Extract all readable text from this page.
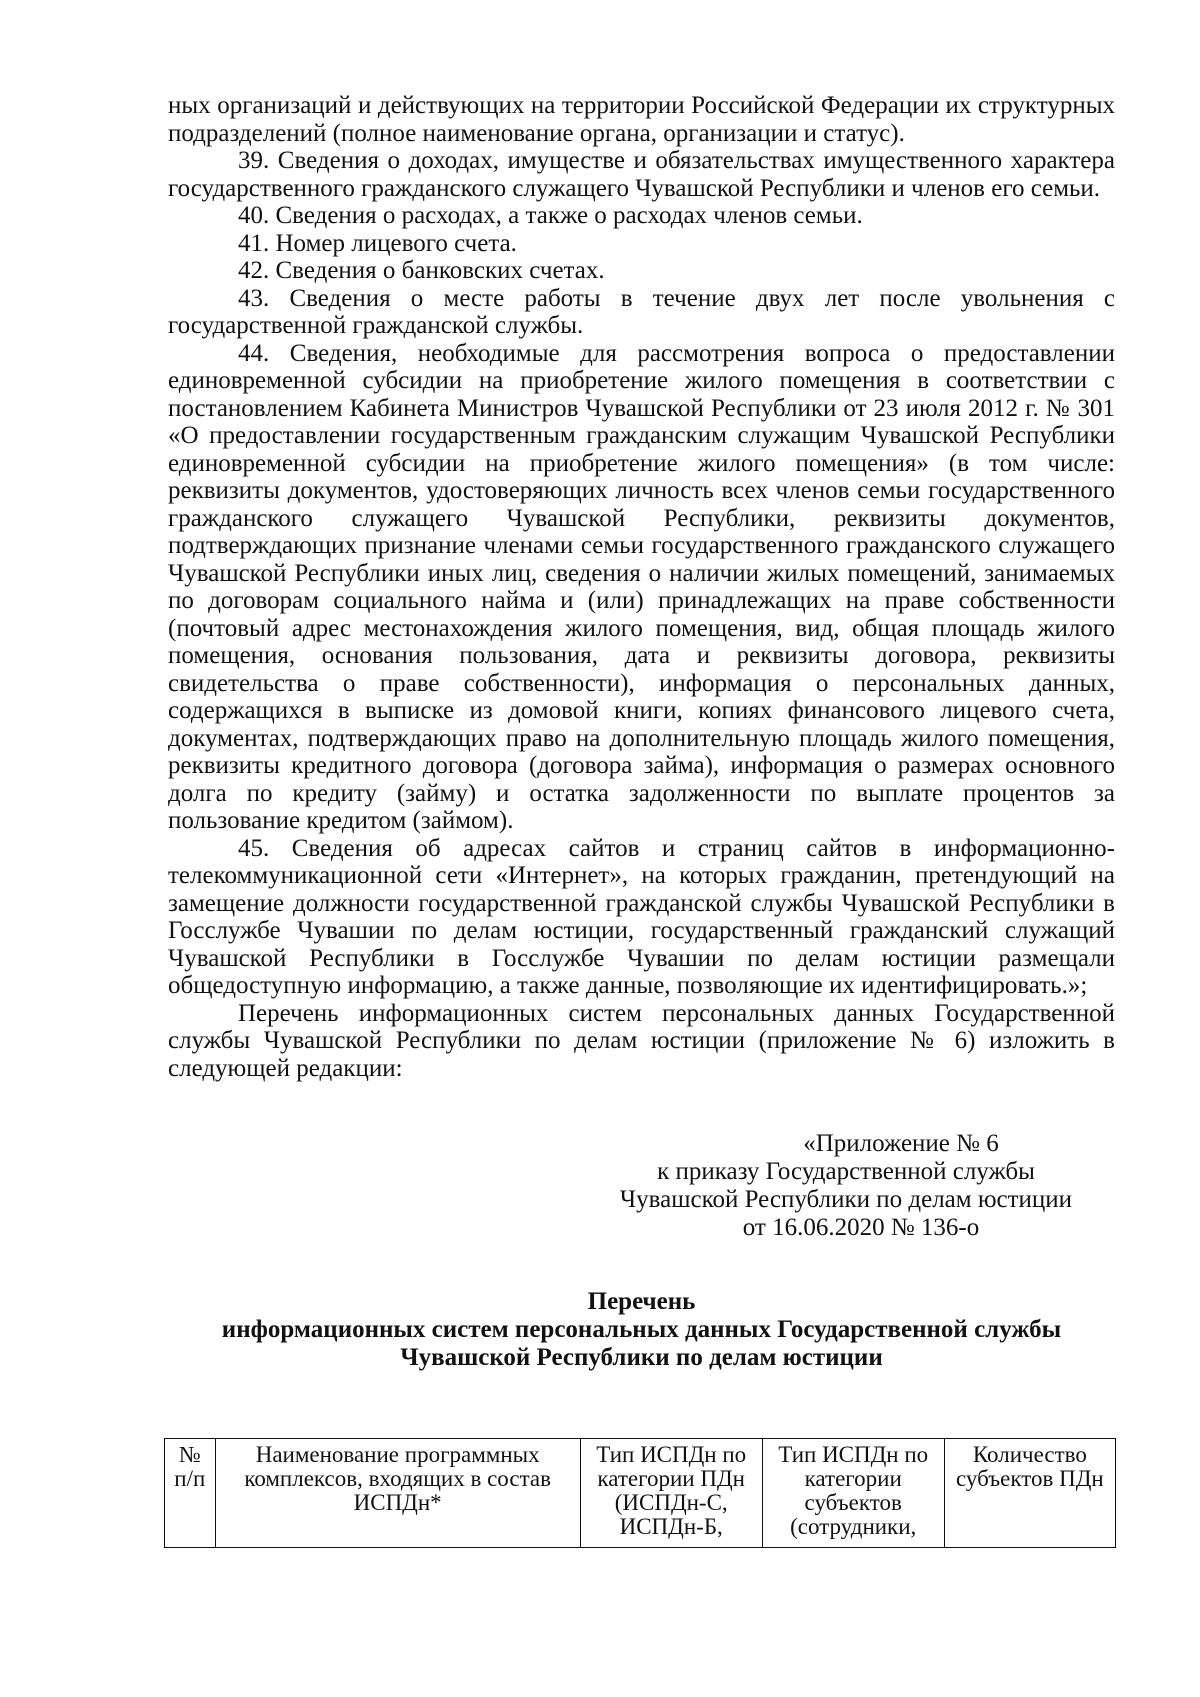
ных организаций и действующих на территории Российской Федерации их структурных подразделений (полное наименование органа, организации и статус).

39. Сведения о доходах, имуществе и обязательствах имущественного характера государственного гражданского служащего Чувашской Республики и членов его семьи.

40. Сведения о расходах, а также о расходах членов семьи.

41. Номер лицевого счета.

42. Сведения о банковских счетах.

43. Сведения о месте работы в течение двух лет после увольнения с государственной гражданской службы.

44. Сведения, необходимые для рассмотрения вопроса о предоставлении единовременной субсидии на приобретение жилого помещения в соответствии с постановлением Кабинета Министров Чувашской Республики от 23 июля 2012 г. № 301 «О предоставлении государственным гражданским служащим Чувашской Республики единовременной субсидии на приобретение жилого помещения» (в том числе: реквизиты документов, удостоверяющих личность всех членов семьи государственного гражданского служащего Чувашской Республики, реквизиты документов, подтверждающих признание членами семьи государственного гражданского служащего Чувашской Республики иных лиц, сведения о наличии жилых помещений, занимаемых по договорам социального найма и (или) принадлежащих на праве собственности (почтовый адрес местонахождения жилого помещения, вид, общая площадь жилого помещения, основания пользования, дата и реквизиты договора, реквизиты свидетельства о праве собственности), информация о персональных данных, содержащихся в выписке из домовой книги, копиях финансового лицевого счета, документах, подтверждающих право на дополнительную площадь жилого помещения, реквизиты кредитного договора (договора займа), информация о размерах основного долга по кредиту (займу) и остатка задолженности по выплате процентов за пользование кредитом (займом).

45. Сведения об адресах сайтов и страниц сайтов в информационно-телекоммуникационной сети «Интернет», на которых гражданин, претендующий на замещение должности государственной гражданской службы Чувашской Республики в Госслужбе Чувашии по делам юстиции, государственный гражданский служащий Чувашской Республики в Госслужбе Чувашии по делам юстиции размещали общедоступную информацию, а также данные, позволяющие их идентифицировать.»;

Перечень информационных систем персональных данных Государственной службы Чувашской Республики по делам юстиции (приложение № 6) изложить в следующей редакции:

«Приложение № 6
к приказу Государственной службы
Чувашской Республики по делам юстиции
от 16.06.2020 № 136-о
Перечень
информационных систем персональных данных Государственной службы
Чувашской Республики по делам юстиции
№ п/п	Наименование программных комплексов, входящих в состав ИСПДн*	Тип ИСПДн по категории ПДн (ИСПДн-С, ИСПДн-Б,	Тип ИСПДн по категории субъектов (сотрудники,	Количество субъектов ПДн
